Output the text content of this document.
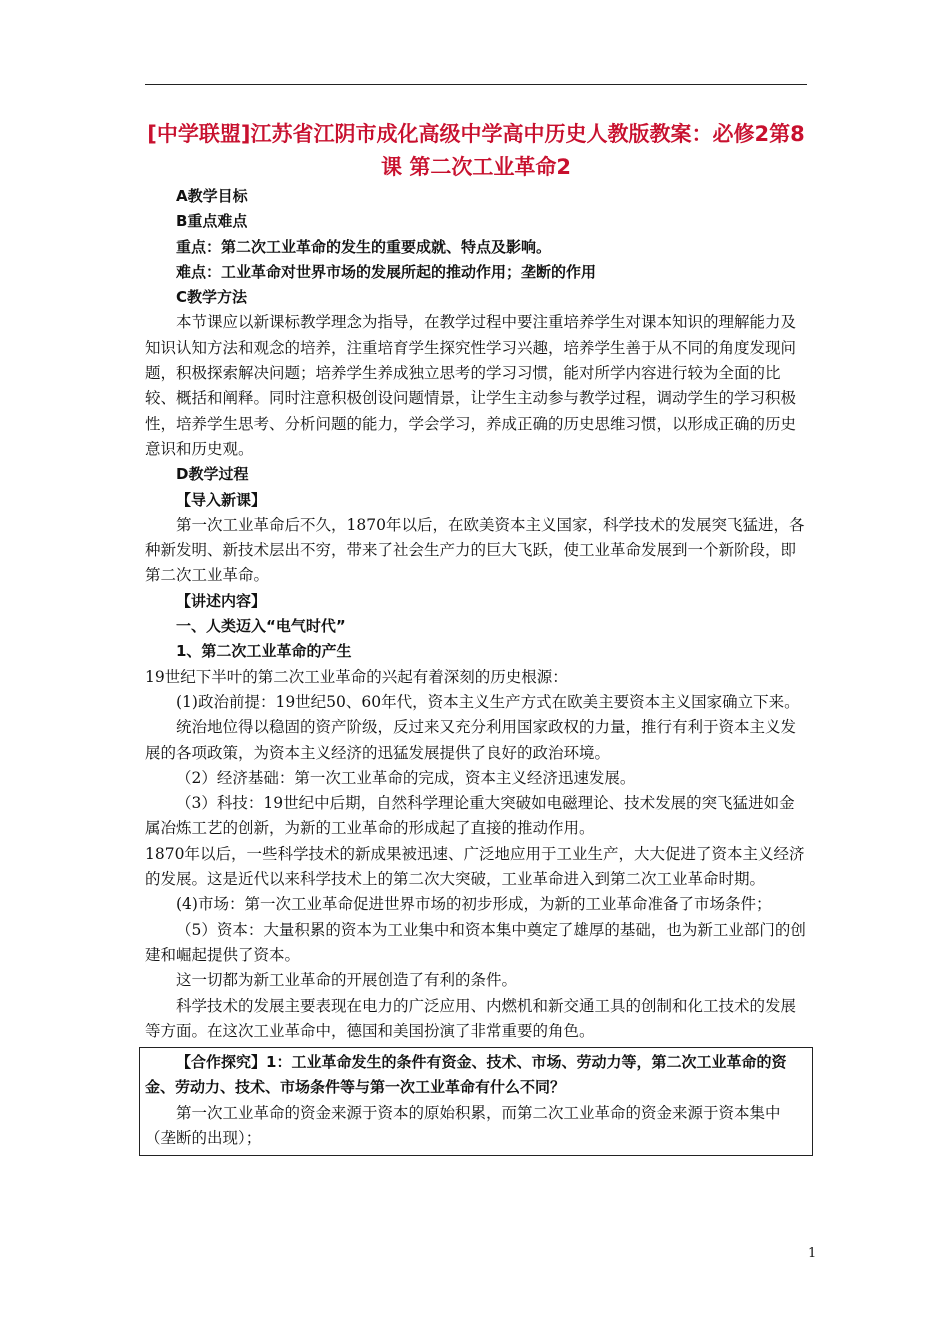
[中学联盟]江苏省江阴市成化高级中学高中历史人教版教案：必修2第8课 第二次工业革命2

A教学目标

B重点难点

重点：第二次工业革命的发生的重要成就、特点及影响。

难点：工业革命对世界市场的发展所起的推动作用；垄断的作用

C教学方法

本节课应以新课标教学理念为指导，在教学过程中要注重培养学生对课本知识的理解能力及知识认知方法和观念的培养，注重培育学生探究性学习兴趣，培养学生善于从不同的角度发现问题，积极探索解决问题；培养学生养成独立思考的学习习惯，能对所学内容进行较为全面的比较、概括和阐释。同时注意积极创设问题情景，让学生主动参与教学过程，调动学生的学习积极性，培养学生思考、分析问题的能力，学会学习，养成正确的历史思维习惯，以形成正确的历史意识和历史观。

D教学过程

【导入新课】

第一次工业革命后不久，1870年以后，在欧美资本主义国家，科学技术的发展突飞猛进，各种新发明、新技术层出不穷，带来了社会生产力的巨大飞跃，使工业革命发展到一个新阶段，即第二次工业革命。

【讲述内容】

一、人类迈入“电气时代”

1、第二次工业革命的产生

19世纪下半叶的第二次工业革命的兴起有着深刻的历史根源：

(1)政治前提：19世纪50、60年代，资本主义生产方式在欧美主要资本主义国家确立下来。

统治地位得以稳固的资产阶级，反过来又充分利用国家政权的力量，推行有利于资本主义发展的各项政策，为资本主义经济的迅猛发展提供了良好的政治环境。

（2）经济基础：第一次工业革命的完成，资本主义经济迅速发展。

（3）科技：19世纪中后期，自然科学理论重大突破如电磁理论、技术发展的突飞猛进如金属冶炼工艺的创新，为新的工业革命的形成起了直接的推动作用。

1870年以后，一些科学技术的新成果被迅速、广泛地应用于工业生产，大大促进了资本主义经济的发展。这是近代以来科学技术上的第二次大突破，工业革命进入到第二次工业革命时期。

(4)市场：第一次工业革命促进世界市场的初步形成，为新的工业革命准备了市场条件；

（5）资本：大量积累的资本为工业集中和资本集中奠定了雄厚的基础，也为新工业部门的创建和崛起提供了资本。

这一切都为新工业革命的开展创造了有利的条件。

科学技术的发展主要表现在电力的广泛应用、内燃机和新交通工具的创制和化工技术的发展等方面。在这次工业革命中，德国和美国扮演了非常重要的角色。

【合作探究】1：工业革命发生的条件有资金、技术、市场、劳动力等，第二次工业革命的资金、劳动力、技术、市场条件等与第一次工业革命有什么不同？

第一次工业革命的资金来源于资本的原始积累，而第二次工业革命的资金来源于资本集中（垄断的出现）；

1
